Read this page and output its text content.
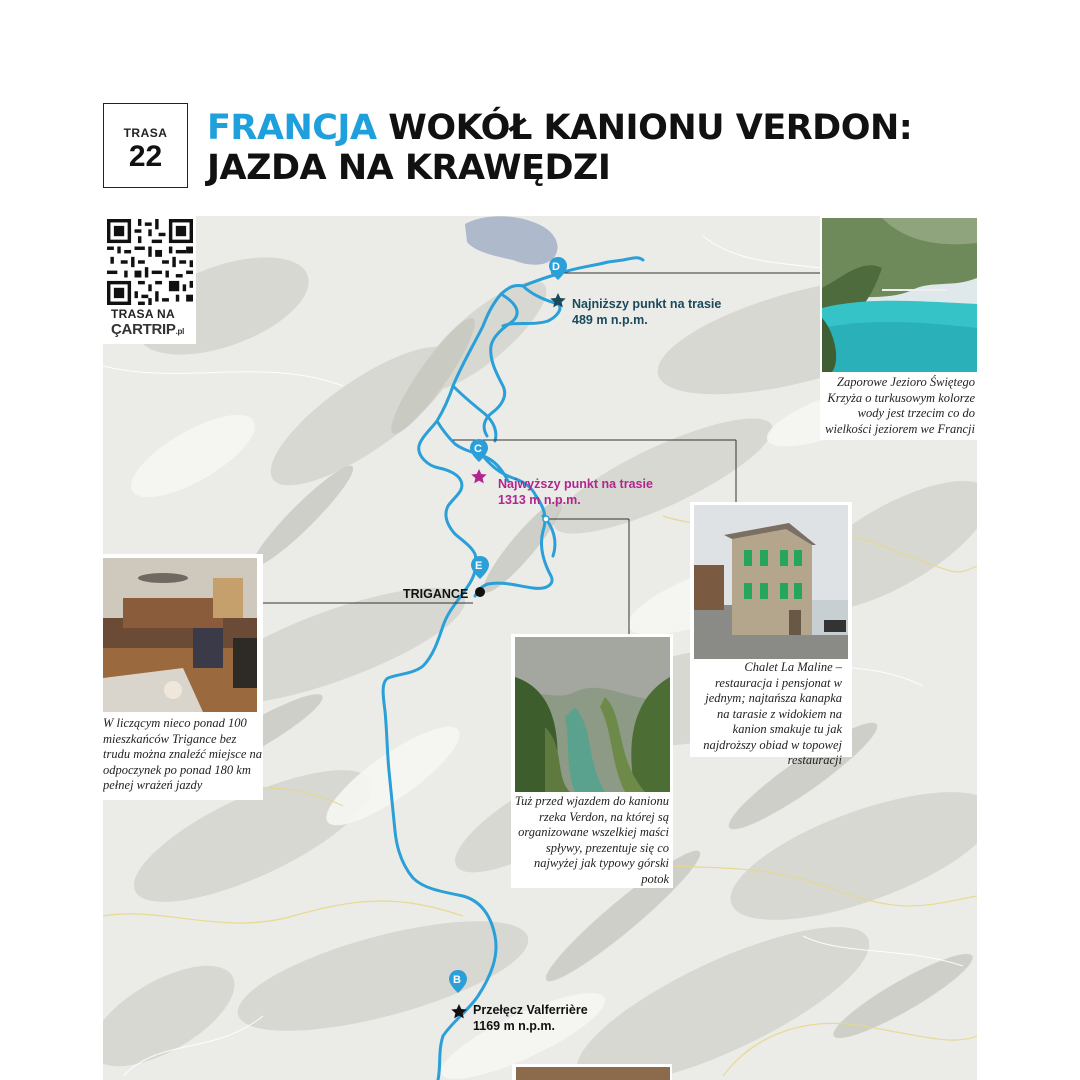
TRASA
22
FRANCJA WOKÓŁ KANIONU VERDON:
JAZDA NA KRAWĘDZI
TRASA NA
ÇARTRIP.pl
D
C
E
B
Najniższy punkt na trasie
489 m n.p.m.
Najwyższy punkt na trasie
1313 m n.p.m.
TRIGANCE
Przełęcz Valferrière
1169 m n.p.m.
Zaporowe Jezioro Świętego Krzyża o turkusowym kolorze wody jest trzecim co do wielkości jeziorem we Francji
Chalet La Maline – restauracja i pensjonat w jednym; najtańsza kanapka na tarasie z widokiem na kanion smakuje tu jak najdroższy obiad w topowej restauracji
Tuż przed wjazdem do kanionu rzeka Verdon, na której są organizowane wszelkiej maści spływy, prezentuje się co najwyżej jak typowy górski potok
W liczącym nieco ponad 100 mieszkańców Trigance bez trudu można znaleźć miejsce na odpoczynek po ponad 180 km pełnej wrażeń jazdy
